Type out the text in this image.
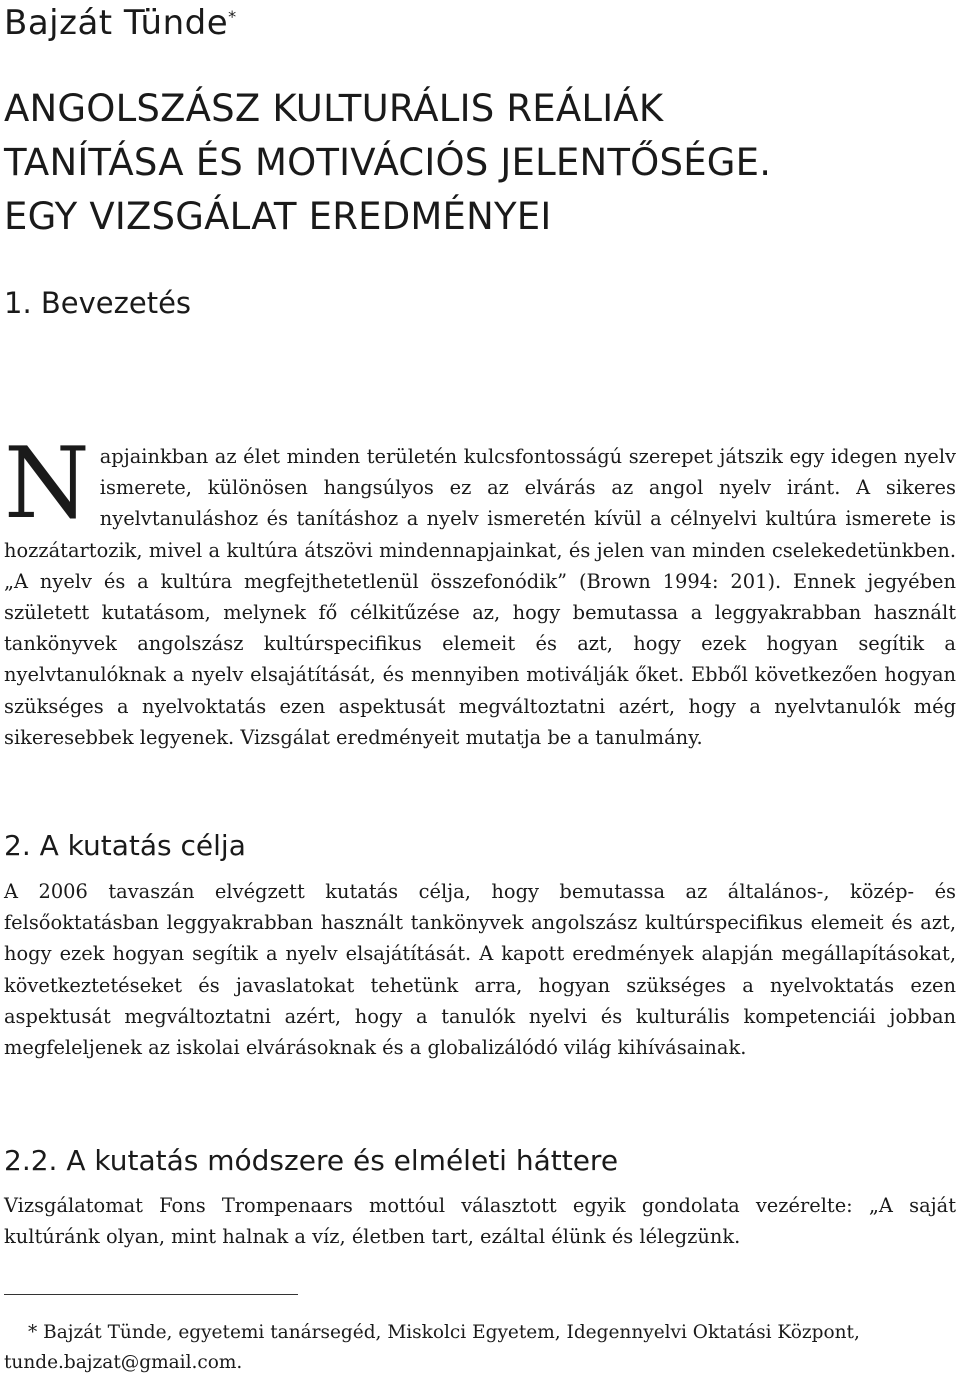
Bajzát Tünde*
ANGOLSZÁSZ KULTURÁLIS REÁLIÁK
TANÍTÁSA ÉS MOTIVÁCIÓS JELENTŐSÉGE.
EGY VIZSGÁLAT EREDMÉNYEI
1. Bevezetés

Napjainkban az élet minden területén kulcsfontosságú szerepet játszik egy idegen nyelv ismerete, különösen hangsúlyos ez az elvárás az angol nyelv iránt. A sikeres nyelvtanuláshoz és tanításhoz a nyelv ismeretén kívül a célnyelvi kultúra ismerete is hozzátartozik, mivel a kultúra átszövi mindennapjainkat, és jelen van minden cselekedetünkben. „A nyelv és a kultúra megfejthetetlenül összefonódik” (Brown 1994: 201). Ennek jegyében született kutatásom, melynek fő célkitűzése az, hogy bemutassa a leggyakrabban használt tankönyvek angolszász kultúrspecifikus elemeit és azt, hogy ezek hogyan segítik a nyelvtanulóknak a nyelv elsajátítását, és mennyiben motiválják őket. Ebből következően hogyan szükséges a nyelvoktatás ezen aspektusát megváltoztatni azért, hogy a nyelvtanulók még sikeresebbek legyenek. Vizsgálat eredményeit mutatja be a tanulmány.

2. A kutatás célja

A 2006 tavaszán elvégzett kutatás célja, hogy bemutassa az általános-, közép- és felsőoktatásban leggyakrabban használt tankönyvek angolszász kultúrspecifikus elemeit és azt, hogy ezek hogyan segítik a nyelv elsajátítását. A kapott eredmények alapján megállapításokat, következtetéseket és javaslatokat tehetünk arra, hogyan szükséges a nyelvoktatás ezen aspektusát megváltoztatni azért, hogy a tanulók nyelvi és kulturális kompetenciái jobban megfeleljenek az iskolai elvárásoknak és a globalizálódó világ kihívásainak.

2.2. A kutatás módszere és elméleti háttere

Vizsgálatomat Fons Trompenaars mottóul választott egyik gondolata vezérelte: „A saját kultúránk olyan, mint halnak a víz, életben tart, ezáltal élünk és lélegzünk.

* Bajzát Tünde, egyetemi tanársegéd, Miskolci Egyetem, Idegennyelvi Oktatási Központ, tunde.bajzat@gmail.com.
